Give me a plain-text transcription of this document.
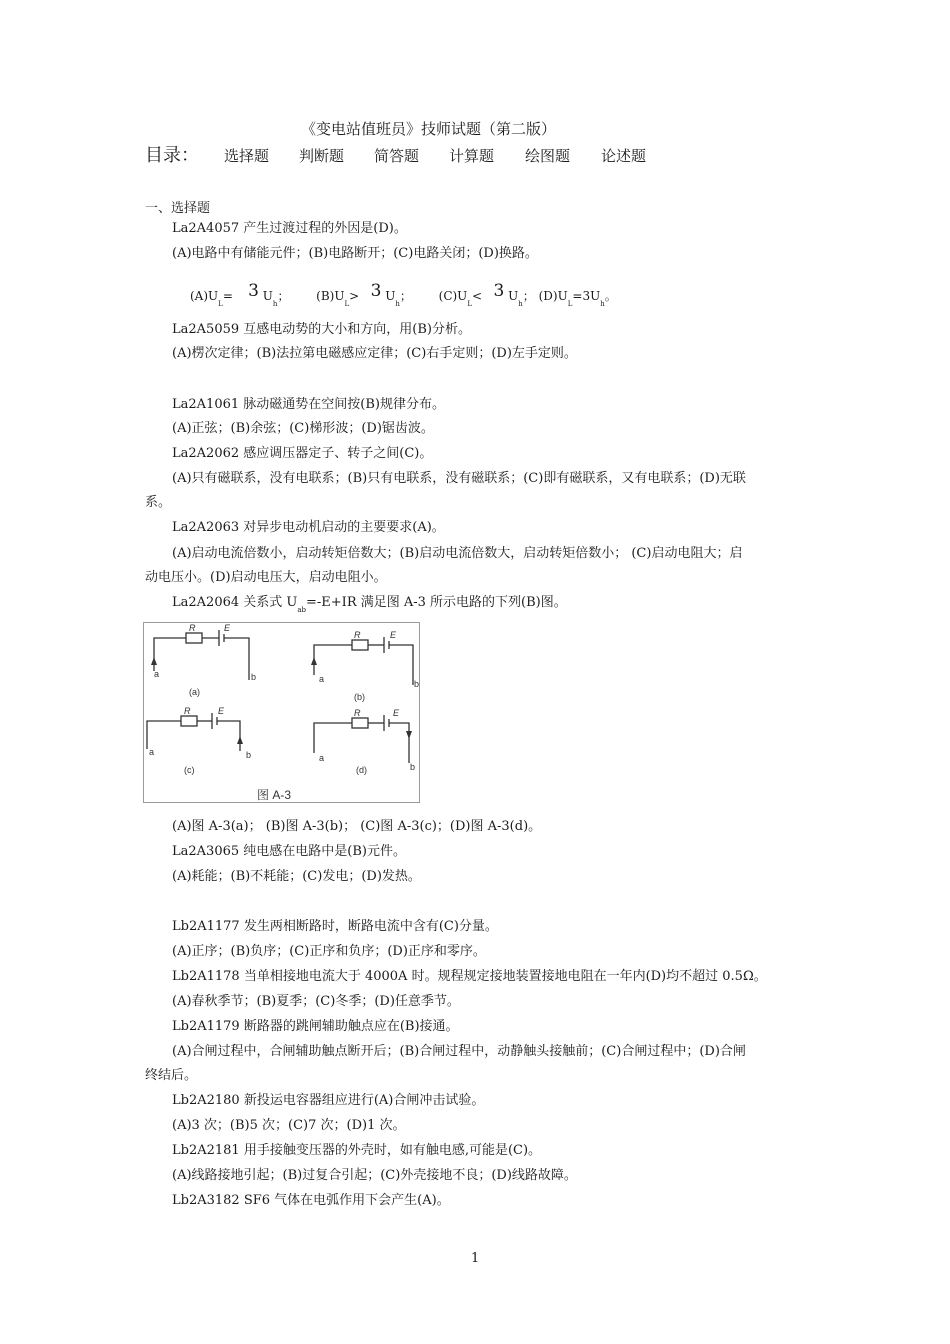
《变电站值班员》技师试题（第二版）
目录： 选择题 判断题 简答题 计算题 绘图题 论述题
一、选择题
La2A4057 产生过渡过程的外因是(D)。
(A)电路中有储能元件；(B)电路断开；(C)电路关闭；(D)换路。
$(A)U_L= 3$ $U_h$； $(B)U_L> 3$ $U_h$； $(C)U_L< 3$ $U_h$； $(D)U_L=3U_h$。
La2A5059 互感电动势的大小和方向，用(B)分析。
(A)楞次定律；(B)法拉第电磁感应定律；(C)右手定则；(D)左手定则。
La2A1061 脉动磁通势在空间按(B)规律分布。
(A)正弦；(B)余弦；(C)梯形波；(D)锯齿波。
La2A2062 感应调压器定子、转子之间(C)。
(A)只有磁联系，没有电联系；(B)只有电联系，没有磁联系；(C)即有磁联系，又有电联系；(D)无联
系。
La2A2063 对异步电动机启动的主要要求(A)。
(A)启动电流倍数小，启动转矩倍数大；(B)启动电流倍数大，启动转矩倍数小； (C)启动电阻大；启
动电压小。(D)启动电压大，启动电阻小。
La2A2064 关系式 $U_{ab}=-E+IR$ 满足图 A-3 所示电路的下列(B)图。
R	E
R	E
R	E	R	E
a	b
(a)
a	b
(b)
a	b
(c)
a
b
(d)
图 A-3
(A)图 A-3(a)； (B)图 A-3(b)； (C)图 A-3(c)；(D)图 A-3(d)。
La2A3065 纯电感在电路中是(B)元件。
(A)耗能；(B)不耗能；(C)发电；(D)发热。
Lb2A1177 发生两相断路时，断路电流中含有(C)分量。
(A)正序；(B)负序；(C)正序和负序；(D)正序和零序。
Lb2A1178 当单相接地电流大于 4000A 时。规程规定接地装置接地电阻在一年内(D)均不超过 0.5Ω。
(A)春秋季节；(B)夏季；(C)冬季；(D)任意季节。
Lb2A1179 断路器的跳闸辅助触点应在(B)接通。
(A)合闸过程中，合闸辅助触点断开后；(B)合闸过程中，动静触头接触前；(C)合闸过程中；(D)合闸
终结后。
Lb2A2180 新投运电容器组应进行(A)合闸冲击试验。
(A)3 次；(B)5 次；(C)7 次；(D)1 次。
Lb2A2181 用手接触变压器的外壳时，如有触电感,可能是(C)。
(A)线路接地引起；(B)过复合引起；(C)外壳接地不良；(D)线路故障。
Lb2A3182 SF6 气体在电弧作用下会产生(A)。
1
